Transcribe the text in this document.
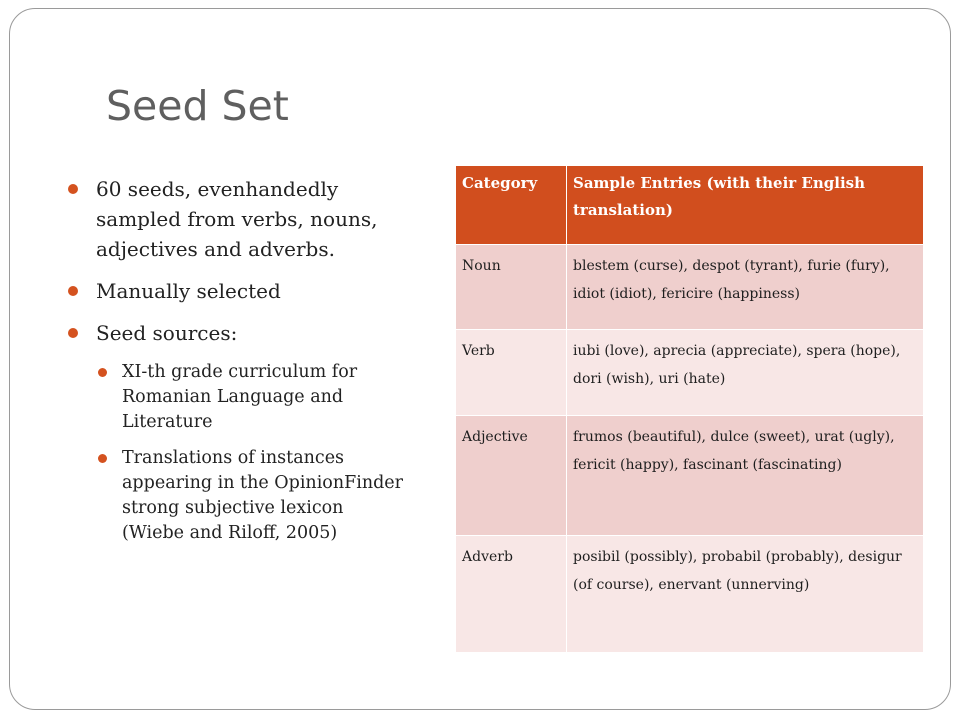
Seed Set
60 seeds, evenhandedly sampled from verbs, nouns, adjectives and adverbs.
Manually selected
Seed sources:
XI-th grade curriculum for Romanian Language and Literature
Translations of instances appearing in the OpinionFinder strong subjective lexicon (Wiebe and Riloff, 2005)
Category	Sample Entries (with their English translation)
Noun	blestem (curse), despot (tyrant), furie (fury), idiot (idiot), fericire (happiness)
Verb	iubi (love), aprecia (appreciate), spera (hope), dori (wish), uri (hate)
Adjective	frumos (beautiful), dulce (sweet), urat (ugly), fericit (happy), fascinant (fascinating)
Adverb	posibil (possibly), probabil (probably), desigur (of course), enervant (unnerving)
